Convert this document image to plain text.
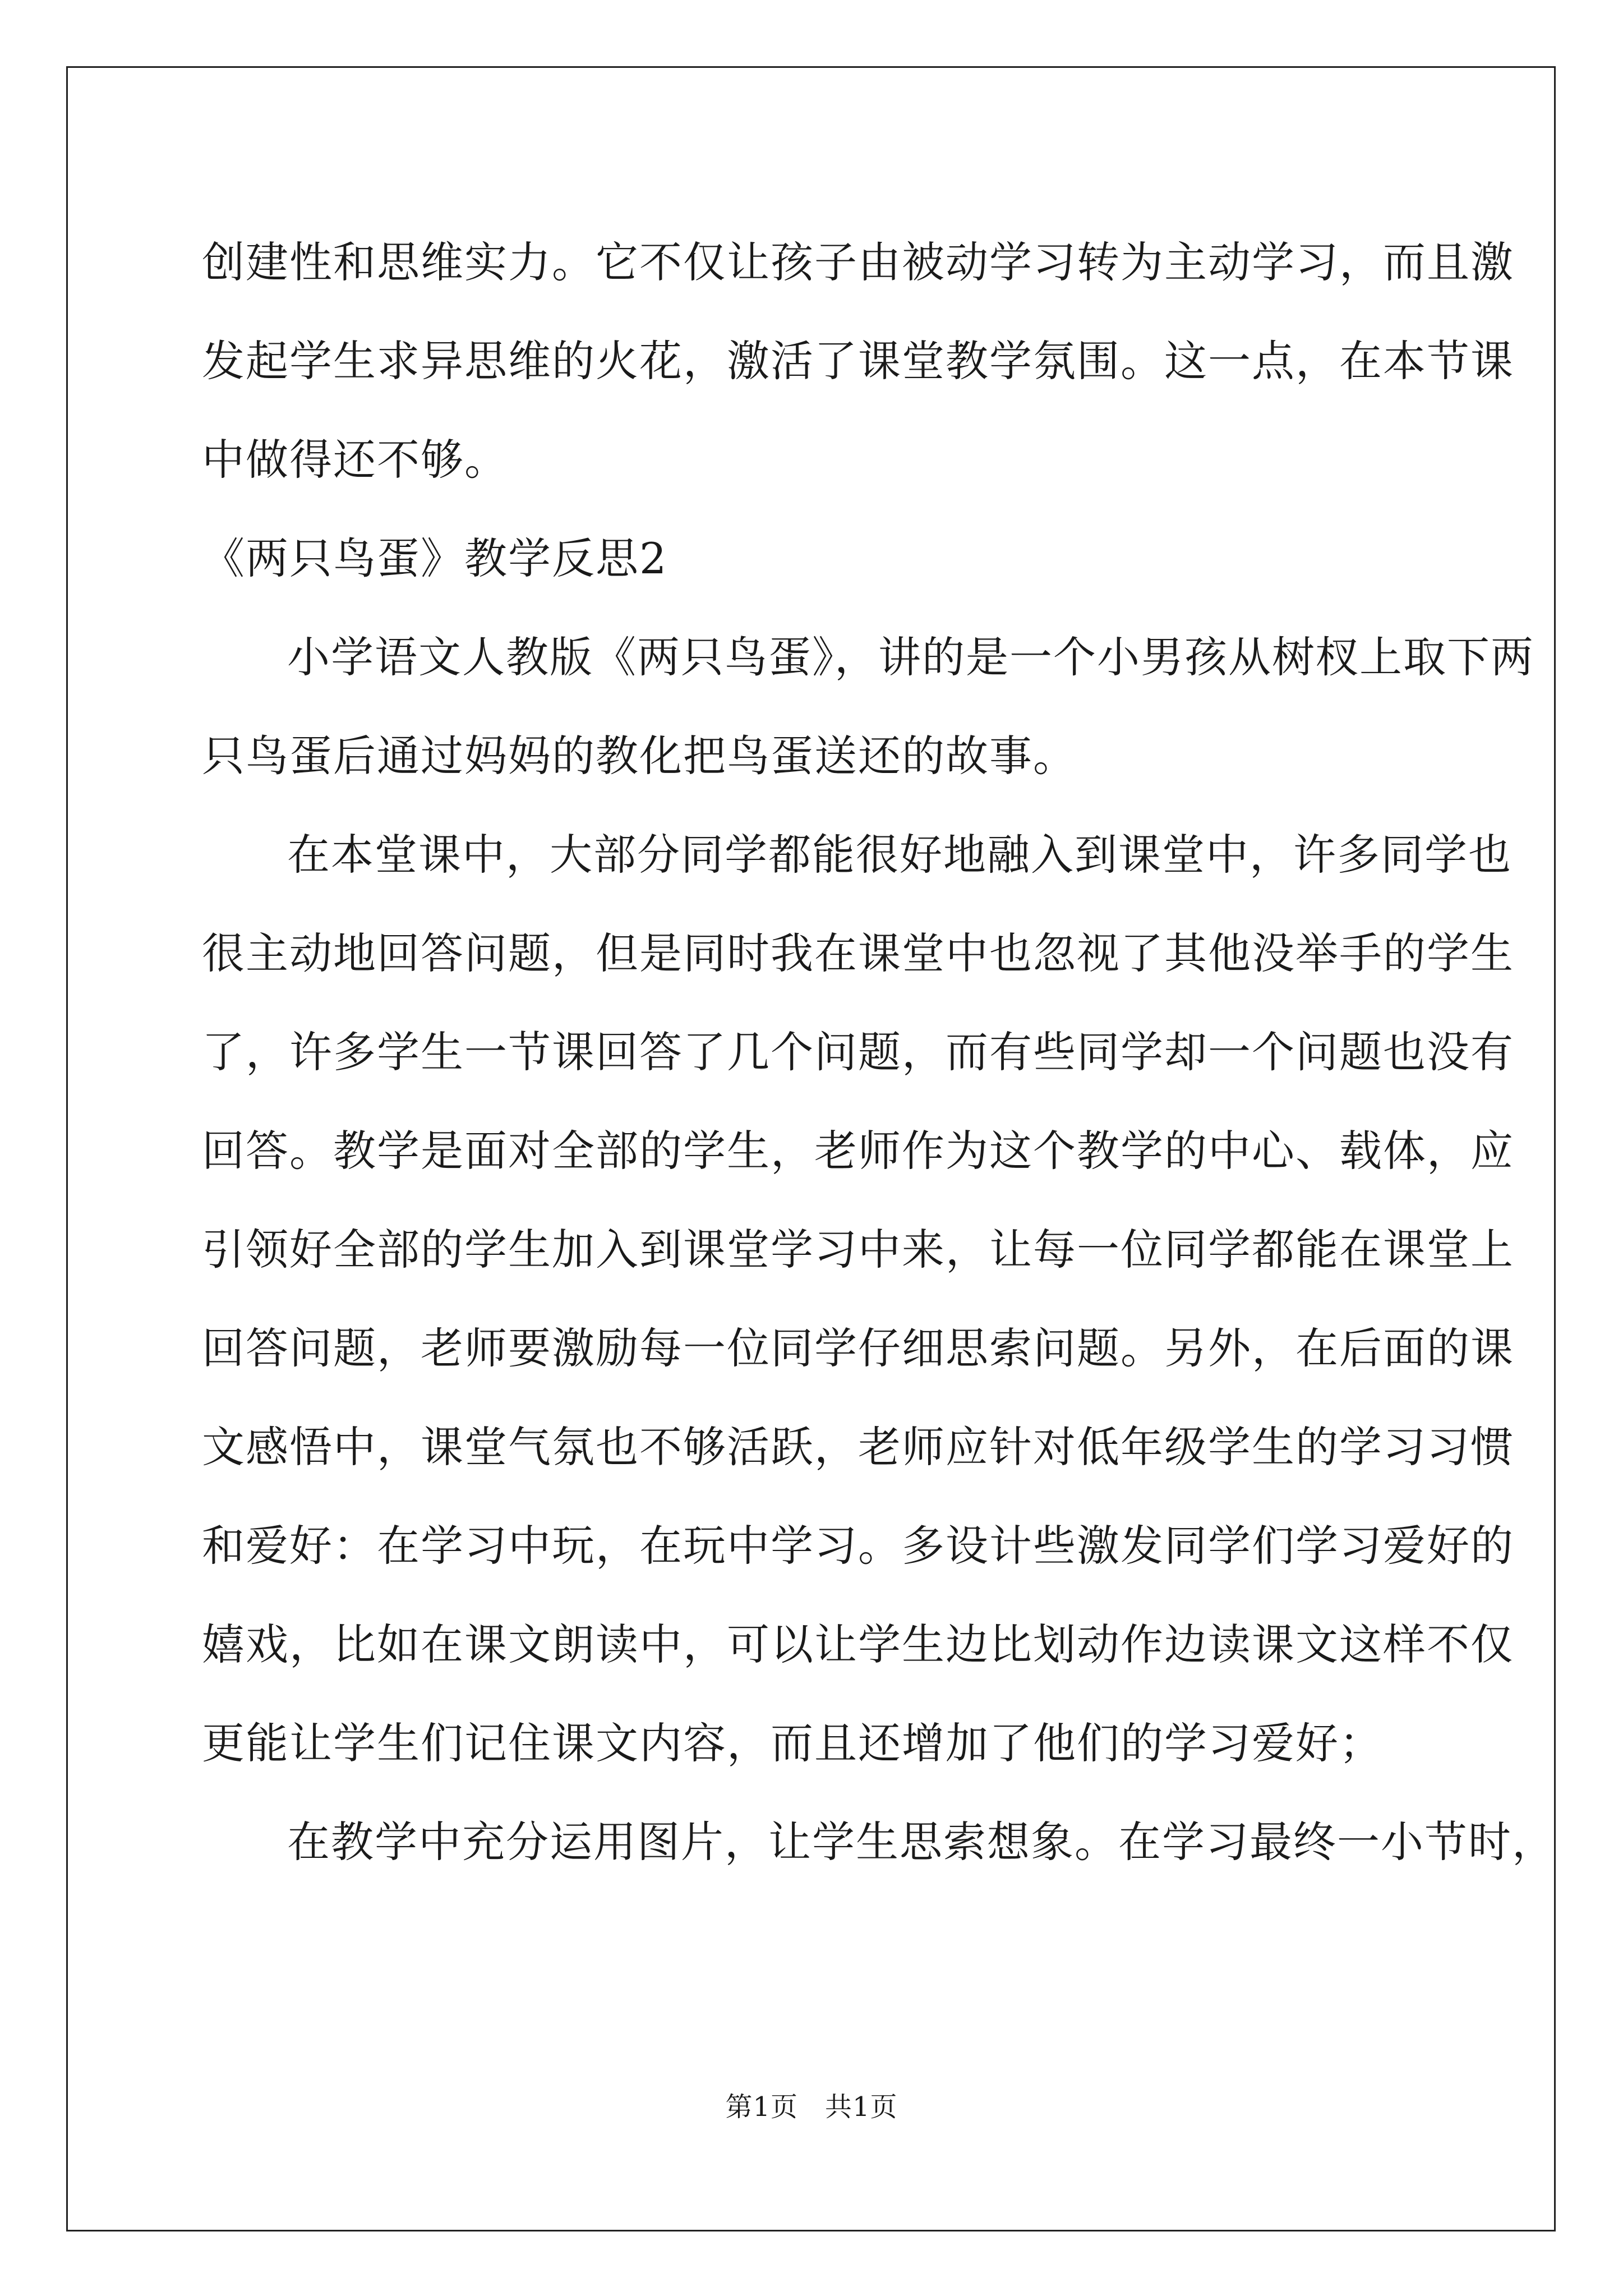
创建性和思维实力。它不仅让孩子由被动学习转为主动学习，而且激
发起学生求异思维的火花，激活了课堂教学氛围。这一点，在本节课
中做得还不够。
《两只鸟蛋》教学反思2
小学语文人教版《两只鸟蛋》，讲的是一个小男孩从树杈上取下两
只鸟蛋后通过妈妈的教化把鸟蛋送还的故事。
在本堂课中，大部分同学都能很好地融入到课堂中，许多同学也
很主动地回答问题，但是同时我在课堂中也忽视了其他没举手的学生
了，许多学生一节课回答了几个问题，而有些同学却一个问题也没有
回答。教学是面对全部的学生，老师作为这个教学的中心、载体，应
引领好全部的学生加入到课堂学习中来，让每一位同学都能在课堂上
回答问题，老师要激励每一位同学仔细思索问题。另外，在后面的课
文感悟中，课堂气氛也不够活跃，老师应针对低年级学生的学习习惯
和爱好：在学习中玩，在玩中学习。多设计些激发同学们学习爱好的
嬉戏，比如在课文朗读中，可以让学生边比划动作边读课文这样不仅
更能让学生们记住课文内容，而且还增加了他们的学习爱好；
在教学中充分运用图片，让学生思索想象。在学习最终一小节时，
第1页 共1页
